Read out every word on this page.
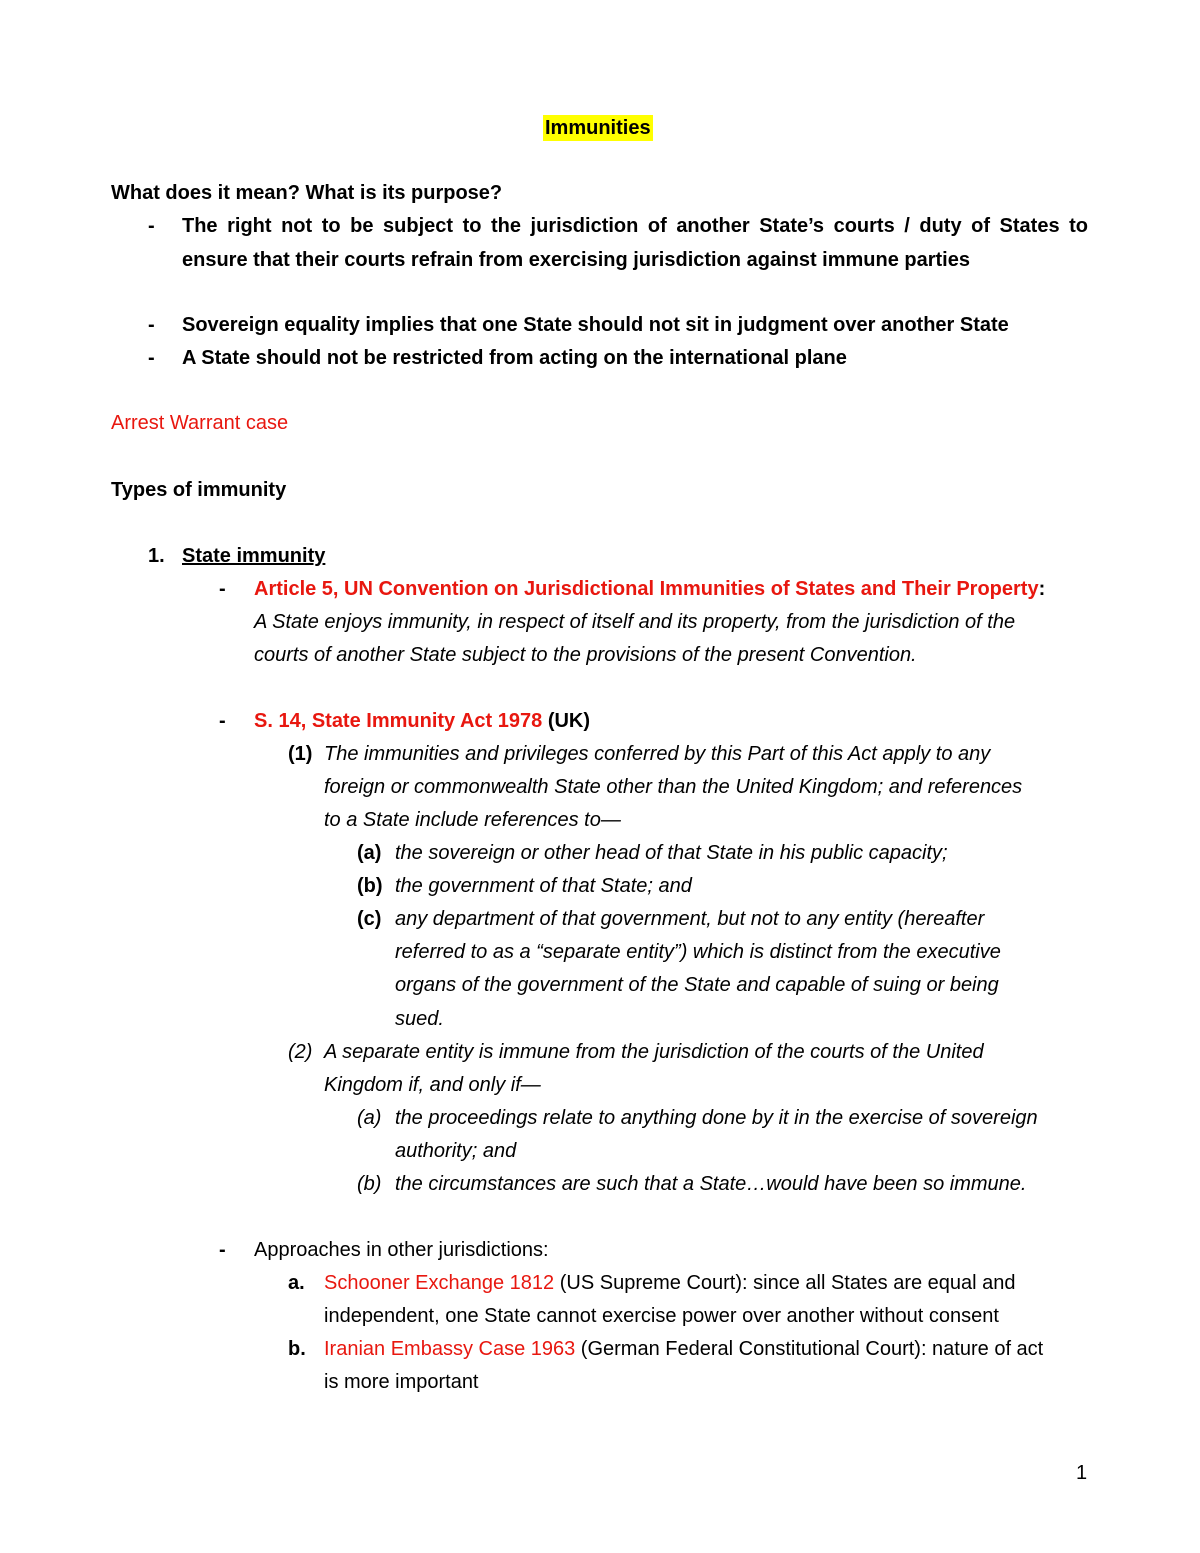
Immunities
What does it mean? What is its purpose?
- The right not to be subject to the jurisdiction of another State’s courts / duty of States to
ensure that their courts refrain from exercising jurisdiction against immune parties
- Sovereign equality implies that one State should not sit in judgment over another State
- A State should not be restricted from acting on the international plane
Arrest Warrant case
Types of immunity
1. State immunity
- Article 5, UN Convention on Jurisdictional Immunities of States and Their Property:
A State enjoys immunity, in respect of itself and its property, from the jurisdiction of the
courts of another State subject to the provisions of the present Convention.
- S. 14, State Immunity Act 1978 (UK)
(1) The immunities and privileges conferred by this Part of this Act apply to any
foreign or commonwealth State other than the United Kingdom; and references
to a State include references to—
(a) the sovereign or other head of that State in his public capacity;
(b) the government of that State; and
(c) any department of that government, but not to any entity (hereafter
referred to as a “separate entity”) which is distinct from the executive
organs of the government of the State and capable of suing or being
sued.
(2) A separate entity is immune from the jurisdiction of the courts of the United
Kingdom if, and only if—
(a) the proceedings relate to anything done by it in the exercise of sovereign
authority; and
(b) the circumstances are such that a State…would have been so immune.
- Approaches in other jurisdictions:
a. Schooner Exchange 1812 (US Supreme Court): since all States are equal and
independent, one State cannot exercise power over another without consent
b. Iranian Embassy Case 1963 (German Federal Constitutional Court): nature of act
is more important
1
